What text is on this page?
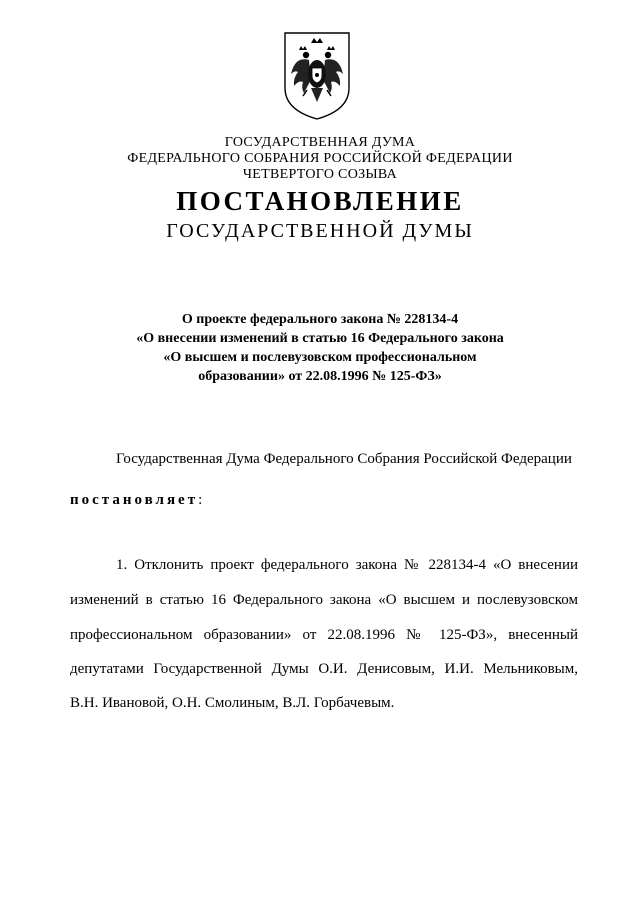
ГОСУДАРСТВЕННАЯ ДУМА
ФЕДЕРАЛЬНОГО СОБРАНИЯ РОССИЙСКОЙ ФЕДЕРАЦИИ
ЧЕТВЕРТОГО СОЗЫВА
ПОСТАНОВЛЕНИЕ
ГОСУДАРСТВЕННОЙ ДУМЫ
О проекте федерального закона № 228134-4
«О внесении изменений в статью 16 Федерального закона
«О высшем и послевузовском профессиональном
образовании» от 22.08.1996 № 125-ФЗ»
Государственная Дума Федерального Собрания Российской Федерации
постановляет:
1. Отклонить проект федерального закона № 228134-4 «О внесении
изменений в статью 16 Федерального закона «О высшем и послевузовском
профессиональном образовании» от 22.08.1996 № 125-ФЗ», внесенный
депутатами Государственной Думы О.И. Денисовым, И.И. Мельниковым,
В.Н. Ивановой, О.Н. Смолиным, В.Л. Горбачевым.
